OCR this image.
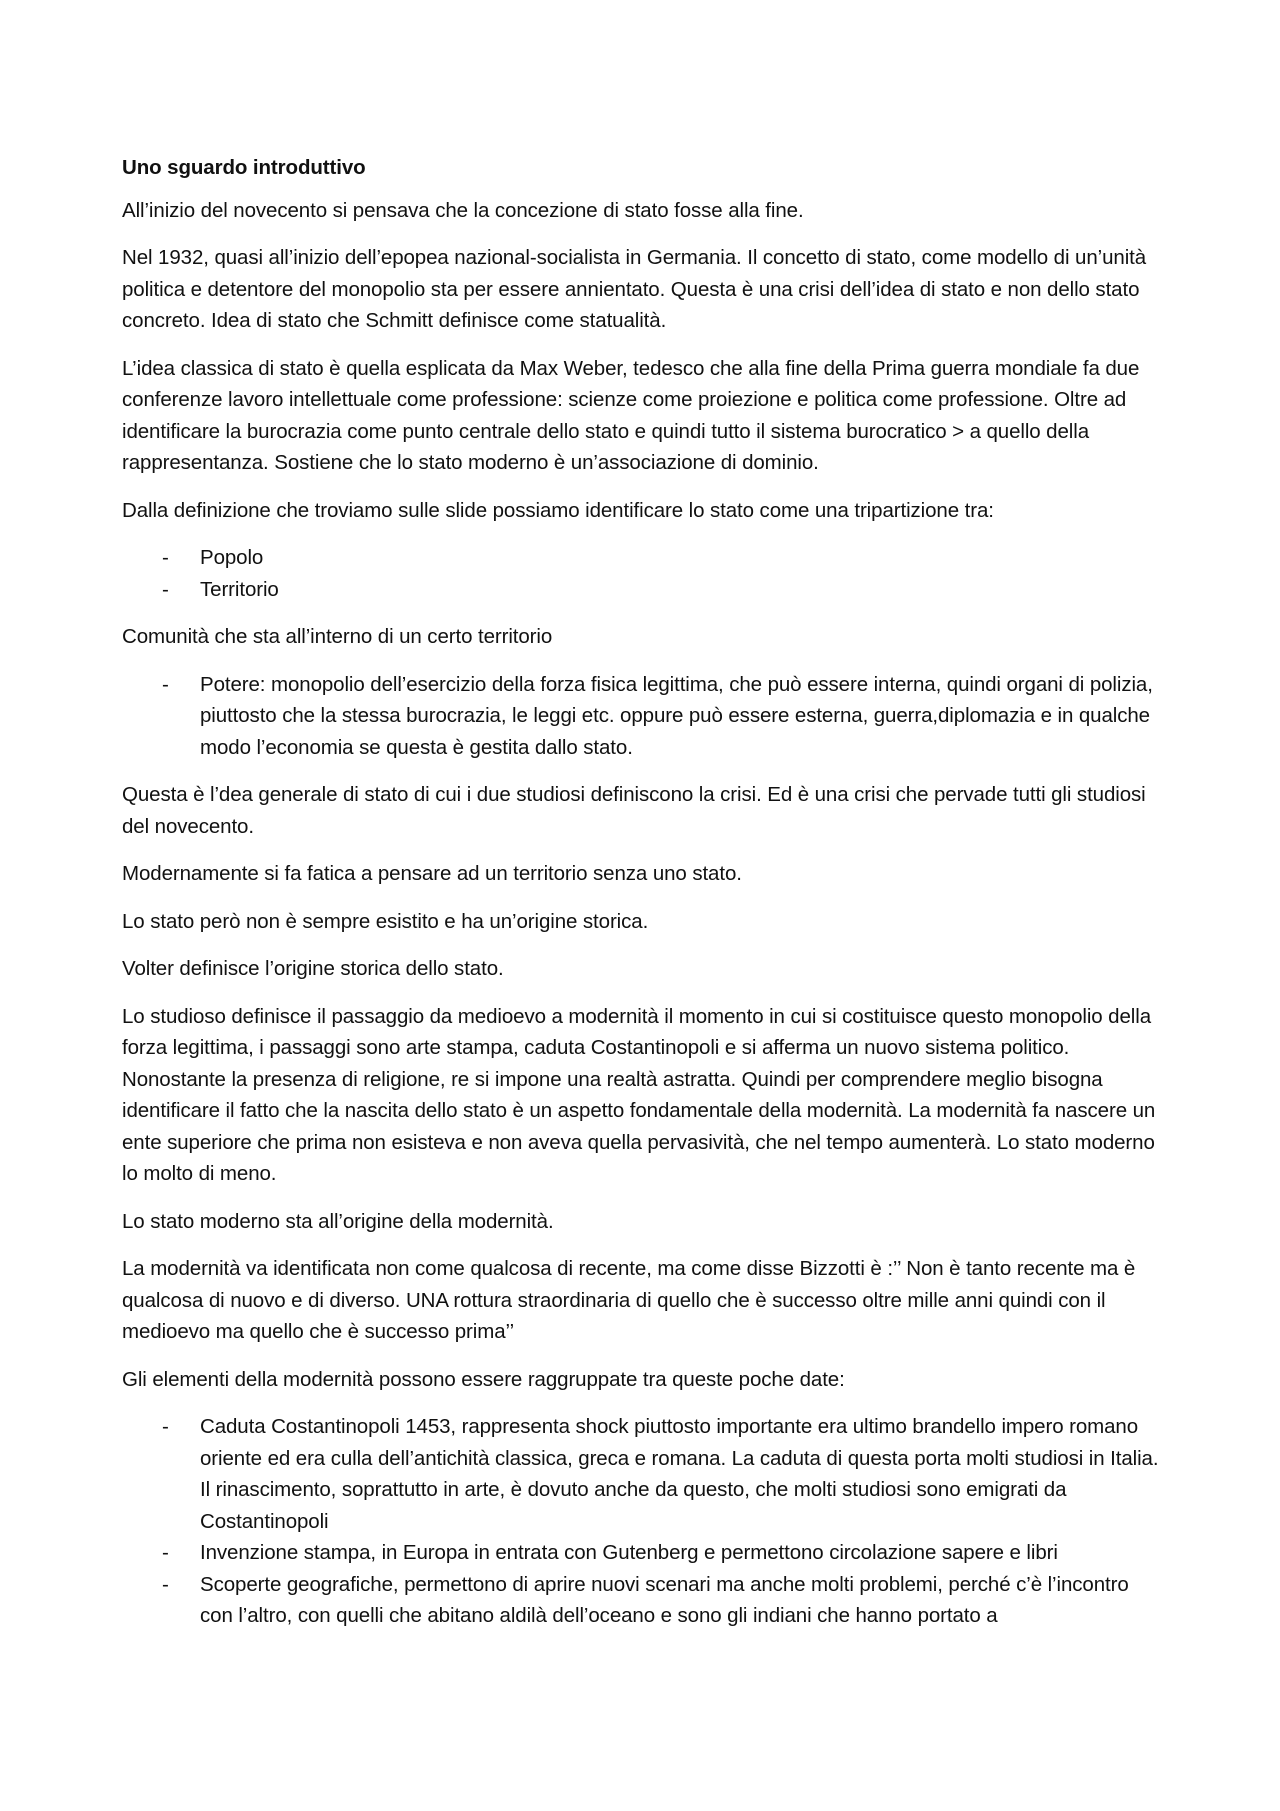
Uno sguardo introduttivo

All’inizio del novecento si pensava che la concezione di stato fosse alla fine.

Nel 1932, quasi all’inizio dell’epopea nazional-socialista in Germania. Il concetto di stato, come modello di un’unità politica e detentore del monopolio sta per essere annientato. Questa è una crisi dell’idea di stato e non dello stato concreto. Idea di stato che Schmitt definisce come statualità.

L’idea classica di stato è quella esplicata da Max Weber, tedesco che alla fine della Prima guerra mondiale fa due conferenze lavoro intellettuale come professione: scienze come proiezione e politica come professione. Oltre ad identificare la burocrazia come punto centrale dello stato e quindi tutto il sistema burocratico > a quello della rappresentanza. Sostiene che lo stato moderno è un’associazione di dominio.

Dalla definizione che troviamo sulle slide possiamo identificare lo stato come una tripartizione tra:

- Popolo
- Territorio

Comunità che sta all’interno di un certo territorio

- Potere: monopolio dell’esercizio della forza fisica legittima, che può essere interna, quindi organi di polizia, piuttosto che la stessa burocrazia, le leggi etc. oppure può essere esterna, guerra,diplomazia e in qualche modo l’economia se questa è gestita dallo stato.

Questa è l’dea generale di stato di cui i due studiosi definiscono la crisi. Ed è una crisi che pervade tutti gli studiosi del novecento.

Modernamente si fa fatica a pensare ad un territorio senza uno stato.

Lo stato però non è sempre esistito e ha un’origine storica.

Volter definisce l’origine storica dello stato.

Lo studioso definisce il passaggio da medioevo a modernità il momento in cui si costituisce questo monopolio della forza legittima, i passaggi sono arte stampa, caduta Costantinopoli e si afferma un nuovo sistema politico. Nonostante la presenza di religione, re si impone una realtà astratta. Quindi per comprendere meglio bisogna identificare il fatto che la nascita dello stato è un aspetto fondamentale della modernità. La modernità fa nascere un ente superiore che prima non esisteva e non aveva quella pervasività, che nel tempo aumenterà. Lo stato moderno lo molto di meno.

Lo stato moderno sta all’origine della modernità.

La modernità va identificata non come qualcosa di recente, ma come disse Bizzotti è :’’ Non è tanto recente ma è qualcosa di nuovo e di diverso. UNA rottura straordinaria di quello che è successo oltre mille anni quindi con il medioevo ma quello che è successo prima’’

Gli elementi della modernità possono essere raggruppate tra queste poche date:

- Caduta Costantinopoli 1453, rappresenta shock piuttosto importante era ultimo brandello impero romano oriente ed era culla dell’antichità classica, greca e romana. La caduta di questa porta molti studiosi in Italia. Il rinascimento, soprattutto in arte, è dovuto anche da questo, che molti studiosi sono emigrati da Costantinopoli
- Invenzione stampa, in Europa in entrata con Gutenberg e permettono circolazione sapere e libri
- Scoperte geografiche, permettono di aprire nuovi scenari ma anche molti problemi, perché c’è l’incontro con l’altro, con quelli che abitano aldilà dell’oceano e sono gli indiani che hanno portato a
